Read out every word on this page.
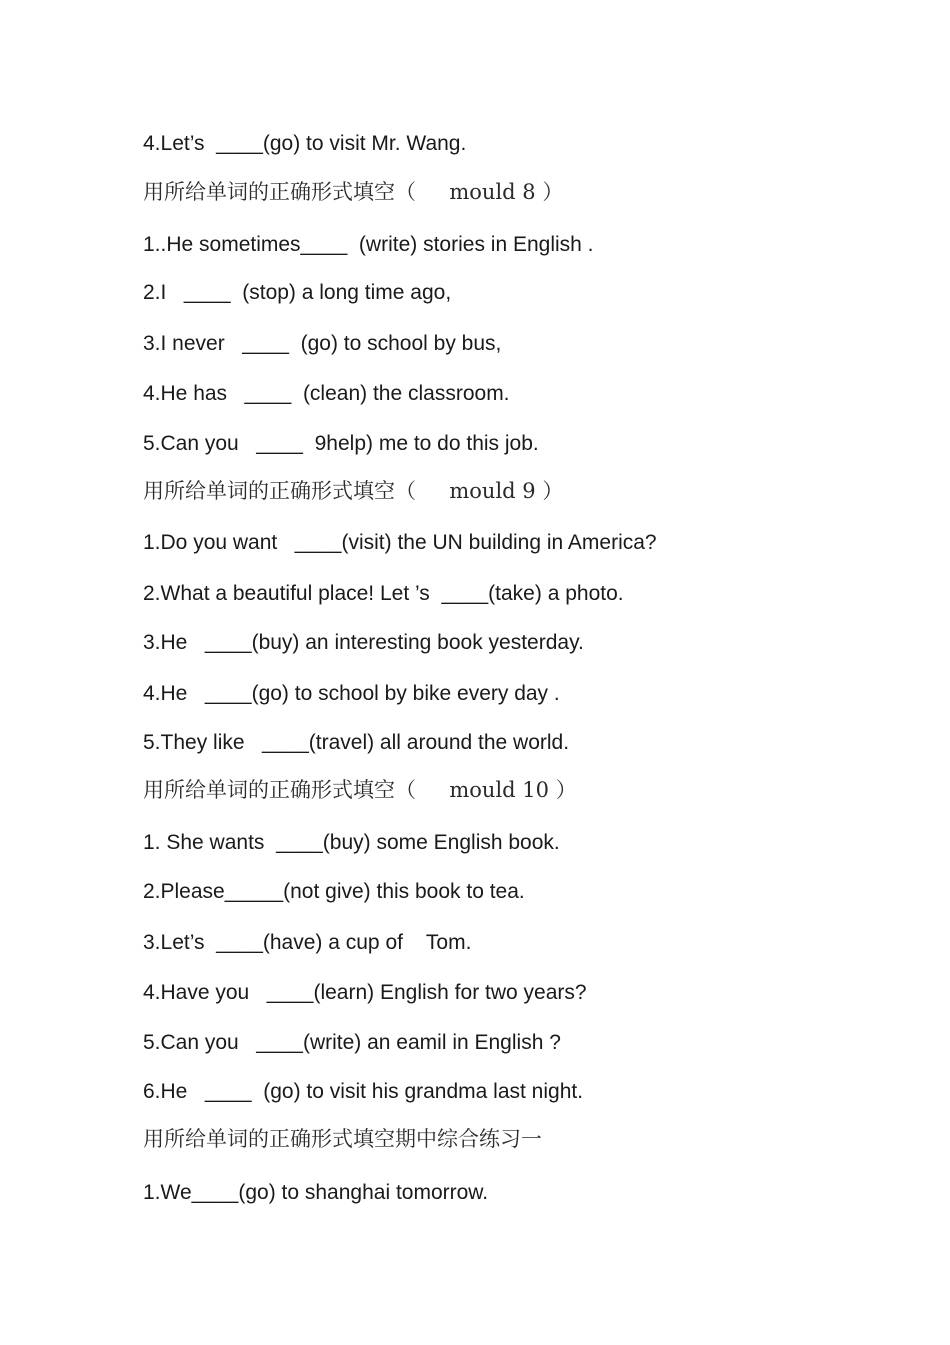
4.Let’s  ____(go) to visit Mr. Wang.
用所给单词的正确形式填空（     mould 8 ）
1..He sometimes____  (write) stories in English .
2.I   ____  (stop) a long time ago,
3.I never   ____  (go) to school by bus,
4.He has   ____  (clean) the classroom.
5.Can you   ____  9help) me to do this job.
用所给单词的正确形式填空（     mould 9 ）
1.Do you want   ____(visit) the UN building in America?
2.What a beautiful place! Let ’s  ____(take) a photo.
3.He   ____(buy) an interesting book yesterday.
4.He   ____(go) to school by bike every day .
5.They like   ____(travel) all around the world.
用所给单词的正确形式填空（     mould 10 ）
1. She wants  ____(buy) some English book.
2.Please_____(not give) this book to tea.
3.Let’s  ____(have) a cup of    Tom.
4.Have you   ____(learn) English for two years?
5.Can you   ____(write) an eamil in English ?
6.He   ____  (go) to visit his grandma last night.
用所给单词的正确形式填空期中综合练习一
1.We____(go) to shanghai tomorrow.
